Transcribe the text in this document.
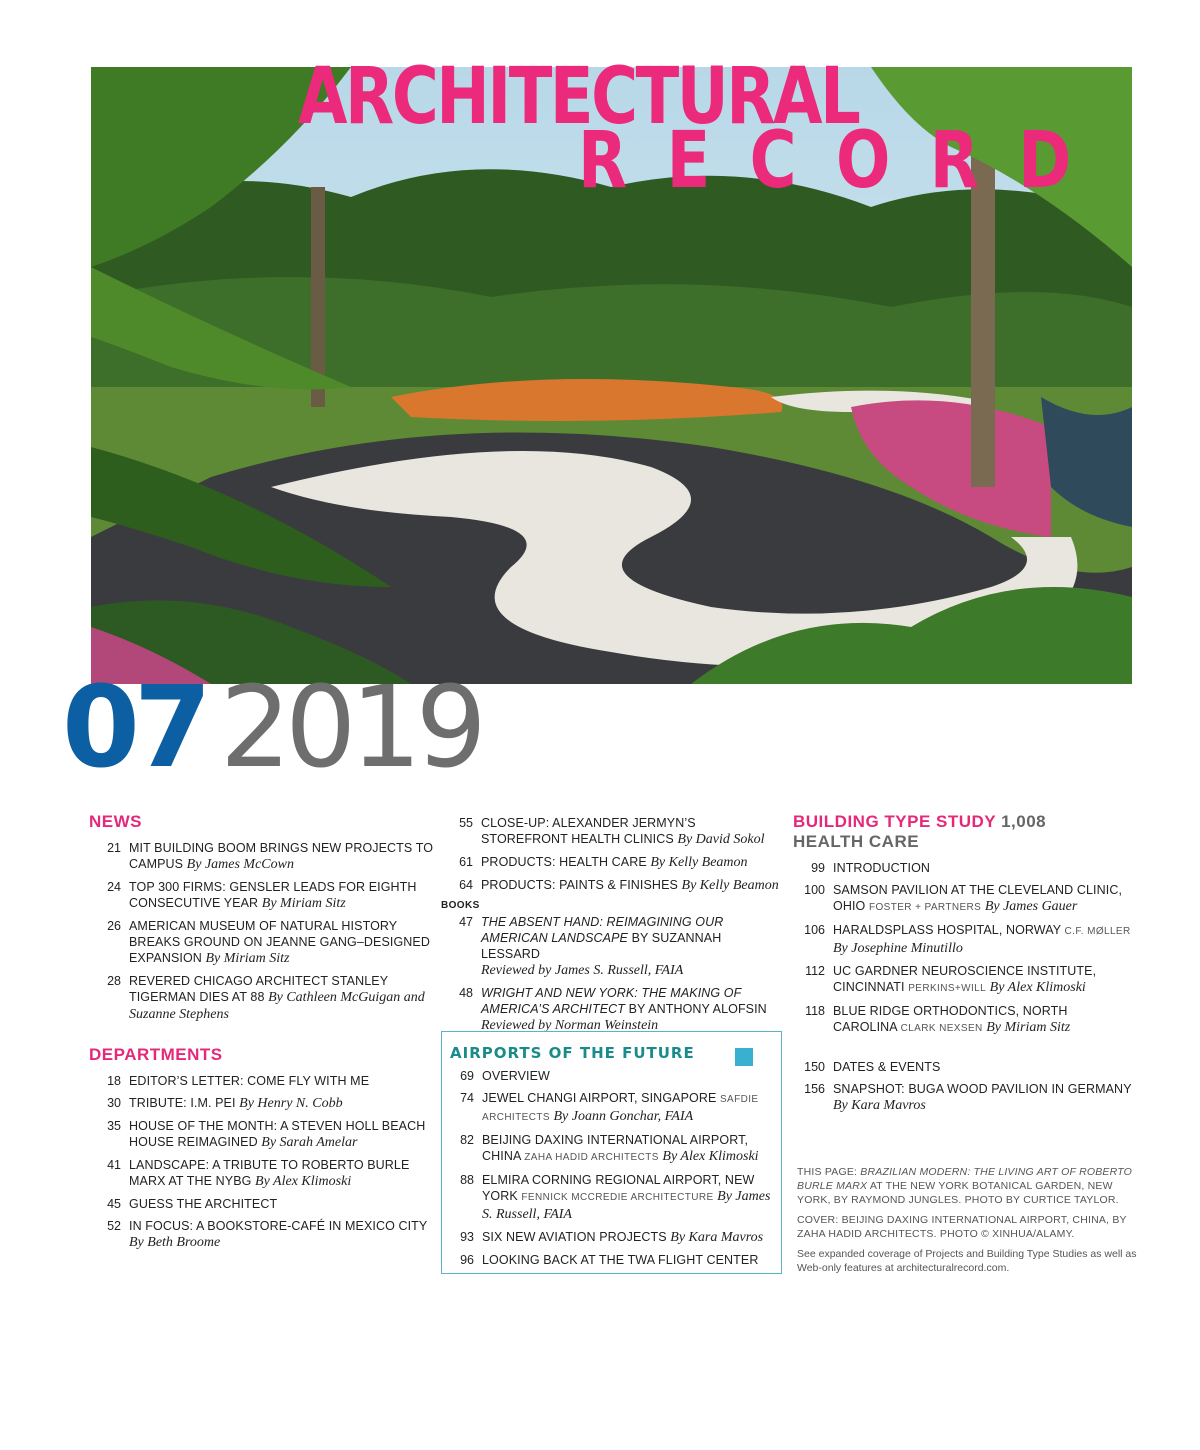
ARCHITECTURAL
RECORD
07 2019
NEWS
21 MIT BUILDING BOOM BRINGS NEW PROJECTS TO CAMPUS By James McCown
24 TOP 300 FIRMS: GENSLER LEADS FOR EIGHTH CONSECUTIVE YEAR By Miriam Sitz
26 AMERICAN MUSEUM OF NATURAL HISTORY BREAKS GROUND ON JEANNE GANG–DESIGNED EXPANSION By Miriam Sitz
28 REVERED CHICAGO ARCHITECT STANLEY TIGERMAN DIES AT 88 By Cathleen McGuigan and Suzanne Stephens
DEPARTMENTS
18 EDITOR’S LETTER: COME FLY WITH ME
30 TRIBUTE: I.M. PEI By Henry N. Cobb
35 HOUSE OF THE MONTH: A STEVEN HOLL BEACH HOUSE REIMAGINED By Sarah Amelar
41 LANDSCAPE: A TRIBUTE TO ROBERTO BURLE MARX AT THE NYBG By Alex Klimoski
45 GUESS THE ARCHITECT
52 IN FOCUS: A BOOKSTORE-CAFÉ IN MEXICO CITY By Beth Broome
55 CLOSE-UP: ALEXANDER JERMYN’S STOREFRONT HEALTH CLINICS By David Sokol
61 PRODUCTS: HEALTH CARE By Kelly Beamon
64 PRODUCTS: PAINTS & FINISHES By Kelly Beamon
BOOKS
47 THE ABSENT HAND: REIMAGINING OUR AMERICAN LANDSCAPE BY SUZANNAH LESSARD
Reviewed by James S. Russell, FAIA
48 WRIGHT AND NEW YORK: THE MAKING OF AMERICA’S ARCHITECT BY ANTHONY ALOFSIN
Reviewed by Norman Weinstein
AIRPORTS OF THE FUTURE
69 OVERVIEW
74 JEWEL CHANGI AIRPORT, SINGAPORE SAFDIE ARCHITECTS By Joann Gonchar, FAIA
82 BEIJING DAXING INTERNATIONAL AIRPORT, CHINA ZAHA HADID ARCHITECTS By Alex Klimoski
88 ELMIRA CORNING REGIONAL AIRPORT, NEW YORK FENNICK MCCREDIE ARCHITECTURE By James S. Russell, FAIA
93 SIX NEW AVIATION PROJECTS By Kara Mavros
96 LOOKING BACK AT THE TWA FLIGHT CENTER
BUILDING TYPE STUDY 1,008
HEALTH CARE
99 INTRODUCTION
100 SAMSON PAVILION AT THE CLEVELAND CLINIC, OHIO FOSTER + PARTNERS By James Gauer
106 HARALDSPLASS HOSPITAL, NORWAY C.F. MØLLER By Josephine Minutillo
112 UC GARDNER NEUROSCIENCE INSTITUTE, CINCINNATI PERKINS+WILL By Alex Klimoski
118 BLUE RIDGE ORTHODONTICS, NORTH CAROLINA CLARK NEXSEN By Miriam Sitz
150 DATES & EVENTS
156 SNAPSHOT: BUGA WOOD PAVILION IN GERMANY By Kara Mavros

THIS PAGE: BRAZILIAN MODERN: THE LIVING ART OF ROBERTO BURLE MARX AT THE NEW YORK BOTANICAL GARDEN, NEW YORK, BY RAYMOND JUNGLES. PHOTO BY CURTICE TAYLOR.

COVER: BEIJING DAXING INTERNATIONAL AIRPORT, CHINA, BY ZAHA HADID ARCHITECTS. PHOTO © XINHUA/ALAMY.

See expanded coverage of Projects and Building Type Studies as well as Web-only features at architecturalrecord.com.
